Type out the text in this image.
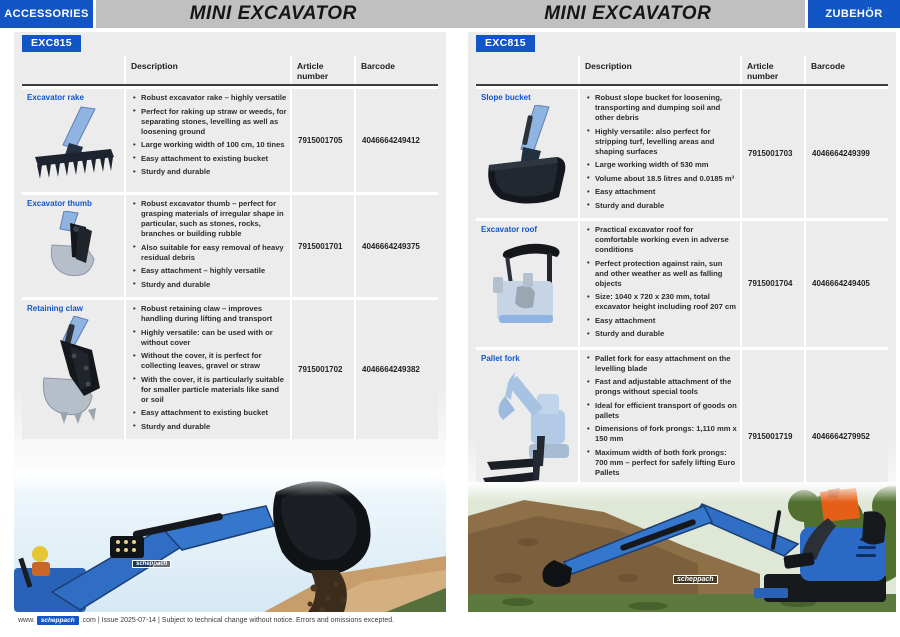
ACCESSORIES	MINI EXCAVATOR	MINI EXCAVATOR	ZUBEHÖR
EXC815
Description	Article number
Barcode
Excavator rake	• Robust excavator rake – highly versatile
• Perfect for raking up straw or weeds, for separating stones, levelling as well as loosening ground
• Large working width of 100 cm, 10 tines
• Easy attachment to existing bucket
• Sturdy and durable
7915001705	4046664249412
Excavator thumb	• Robust excavator thumb – perfect for grasping materials of irregular shape in particular, such as stones, rocks, branches or building rubble
• Also suitable for easy removal of heavy residual debris
• Easy attachment – highly versatile
• Sturdy and durable
7915001701	4046664249375
Retaining claw	• Robust retaining claw – improves handling during lifting and transport
• Highly versatile: can be used with or without cover
• Without the cover, it is perfect for collecting leaves, gravel or straw
• With the cover, it is particularly suitable for smaller particle materials like sand or soil
• Easy attachment to existing bucket
• Sturdy and durable
7915001702	4046664249382
scheppach
EXC815
Description	Article number
Barcode
Slope bucket	• Robust slope bucket for loosening, transporting and dumping soil and other debris
• Highly versatile: also perfect for stripping turf, levelling areas and shaping surfaces
• Large working width of 530 mm
• Volume about 18.5 litres and 0.0185 m³
• Easy attachment
• Sturdy and durable
7915001703	4046664249399
Excavator roof	• Practical excavator roof for comfortable working even in adverse conditions
• Perfect protection against rain, sun and other weather as well as falling objects
• Size: 1040 x 720 x 230 mm, total excavator height including roof 207 cm
• Easy attachment
• Sturdy and durable
7915001704	4046664249405
Pallet fork	• Pallet fork for easy attachment on the levelling blade
• Fast and adjustable attachment of the prongs without special tools
• Ideal for efficient transport of goods on pallets
• Dimensions of fork prongs: 1,110 mm x 150 mm
• Maximum width of both fork prongs: 700 mm – perfect for safely lifting Euro Pallets
•
•
7915001719	4046664279952
scheppach
www. scheppach .com | Issue 2025-07-14 | Subject to technical change without notice. Errors and omissions excepted.
